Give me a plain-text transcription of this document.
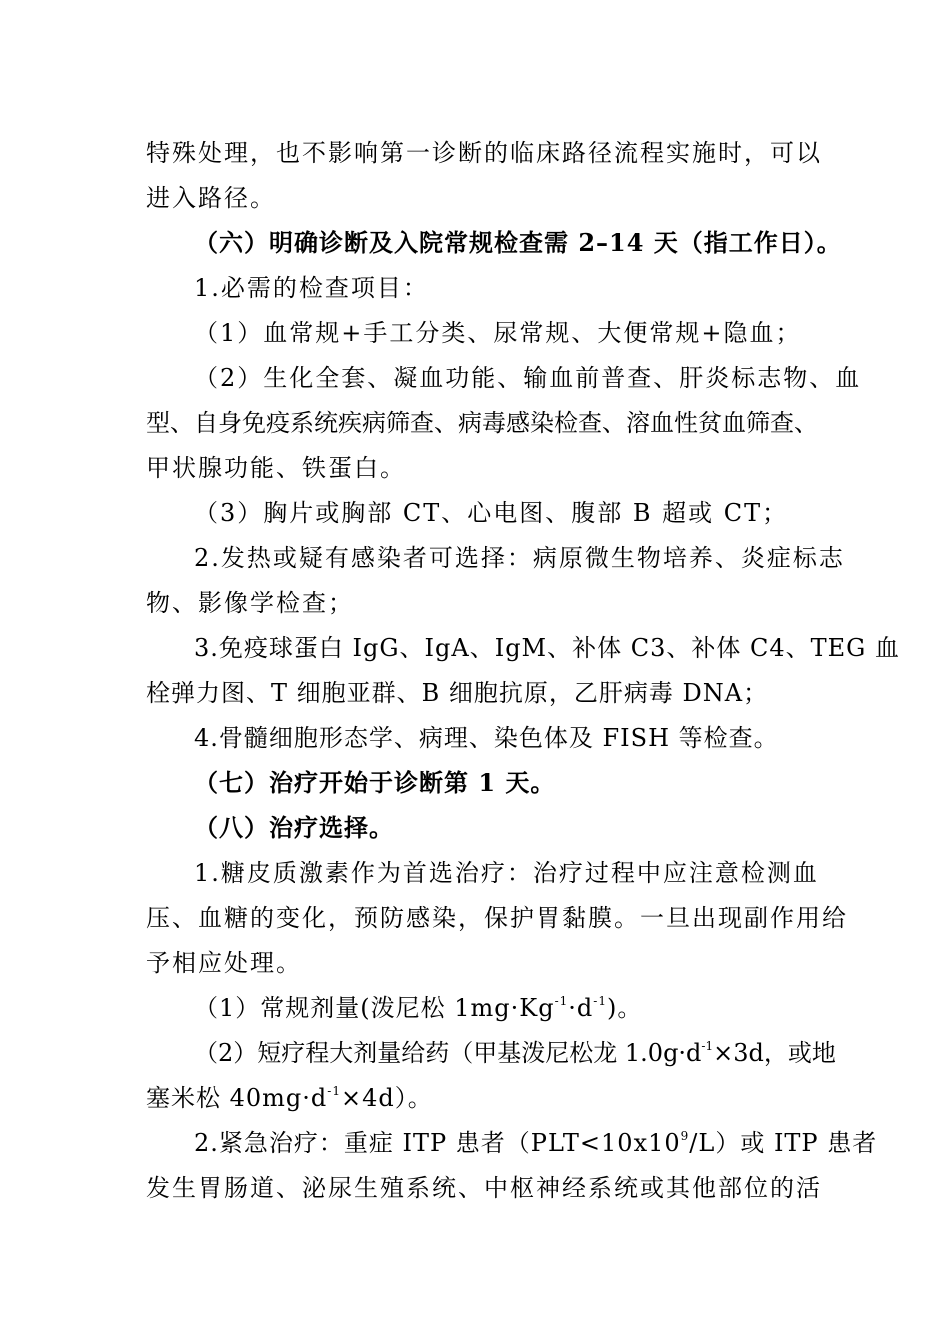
特殊处理，也不影响第一诊断的临床路径流程实施时，可以

进入路径。

（六）明确诊断及入院常规检查需 2–14 天（指工作日）。

1.必需的检查项目：

（1）血常规+手工分类、尿常规、大便常规+隐血；

（2）生化全套、凝血功能、输血前普查、肝炎标志物、血

型、自身免疫系统疾病筛查、病毒感染检查、溶血性贫血筛查、

甲状腺功能、铁蛋白。

（3）胸片或胸部 CT、心电图、腹部 B 超或 CT；

2.发热或疑有感染者可选择：病原微生物培养、炎症标志

物、影像学检查；

3.免疫球蛋白 IgG、IgA、IgM、补体 C3、补体 C4、TEG 血

栓弹力图、T 细胞亚群、B 细胞抗原，乙肝病毒 DNA；

4.骨髓细胞形态学、病理、染色体及 FISH 等检查。

（七）治疗开始于诊断第 1 天。

（八）治疗选择。

1.糖皮质激素作为首选治疗：治疗过程中应注意检测血

压、血糖的变化，预防感染，保护胃黏膜。一旦出现副作用给

予相应处理。

（1）常规剂量(泼尼松 $1mg\cdot Kg^{-1}\cdot d^{-1}$)。

（2）短疗程大剂量给药（甲基泼尼松龙 $1.0g\cdot d^{-1}\times 3d$，或地

塞米松 $40mg\cdot d^{-1}\times 4d$）。

2.紧急治疗：重症 ITP 患者$(PLT<10x10^9/L)$或 ITP 患者

发生胃肠道、泌尿生殖系统、中枢神经系统或其他部位的活
